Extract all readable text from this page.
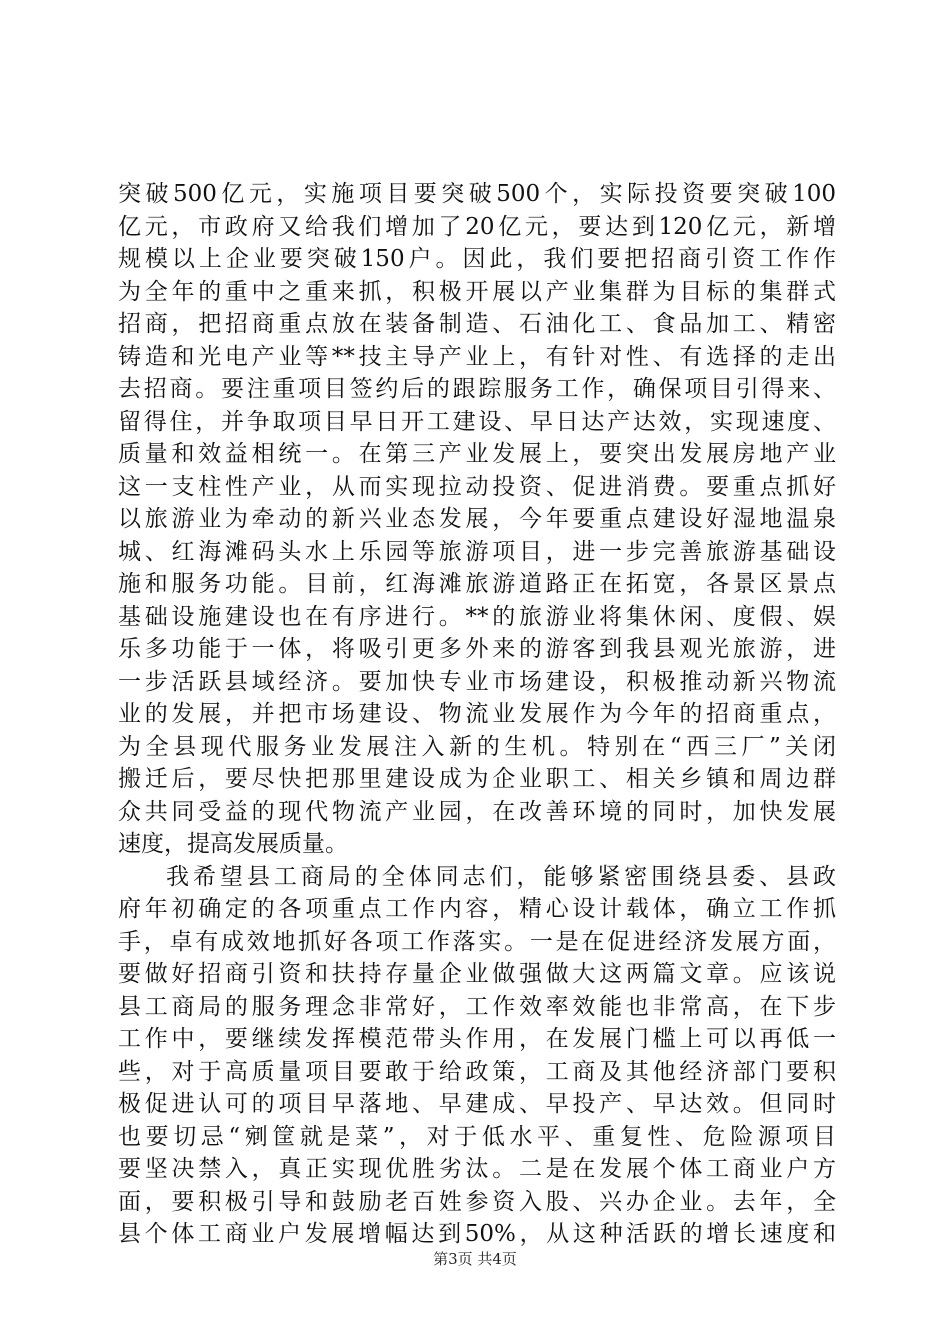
突破500亿元，实施项目要突破500个，实际投资要突破100
亿元，市政府又给我们增加了20亿元，要达到120亿元，新增
规模以上企业要突破150户。因此，我们要把招商引资工作作
为全年的重中之重来抓，积极开展以产业集群为目标的集群式
招商，把招商重点放在装备制造、石油化工、食品加工、精密
铸造和光电产业等**技主导产业上，有针对性、有选择的走出
去招商。要注重项目签约后的跟踪服务工作，确保项目引得来、
留得住，并争取项目早日开工建设、早日达产达效，实现速度、
质量和效益相统一。在第三产业发展上，要突出发展房地产业
这一支柱性产业，从而实现拉动投资、促进消费。要重点抓好
以旅游业为牵动的新兴业态发展，今年要重点建设好湿地温泉
城、红海滩码头水上乐园等旅游项目，进一步完善旅游基础设
施和服务功能。目前，红海滩旅游道路正在拓宽，各景区景点
基础设施建设也在有序进行。**的旅游业将集休闲、度假、娱
乐多功能于一体，将吸引更多外来的游客到我县观光旅游，进
一步活跃县域经济。要加快专业市场建设，积极推动新兴物流
业的发展，并把市场建设、物流业发展作为今年的招商重点，
为全县现代服务业发展注入新的生机。特别在“西三厂”关闭
搬迁后，要尽快把那里建设成为企业职工、相关乡镇和周边群
众共同受益的现代物流产业园，在改善环境的同时，加快发展
速度，提高发展质量。
我希望县工商局的全体同志们，能够紧密围绕县委、县政
府年初确定的各项重点工作内容，精心设计载体，确立工作抓
手，卓有成效地抓好各项工作落实。一是在促进经济发展方面，
要做好招商引资和扶持存量企业做强做大这两篇文章。应该说
县工商局的服务理念非常好，工作效率效能也非常高，在下步
工作中，要继续发挥模范带头作用，在发展门槛上可以再低一
些，对于高质量项目要敢于给政策，工商及其他经济部门要积
极促进认可的项目早落地、早建成、早投产、早达效。但同时
也要切忌“剜筐就是菜”，对于低水平、重复性、危险源项目
要坚决禁入，真正实现优胜劣汰。二是在发展个体工商业户方
面，要积极引导和鼓励老百姓参资入股、兴办企业。去年，全
县个体工商业户发展增幅达到50%，从这种活跃的增长速度和
第3页 共4页
